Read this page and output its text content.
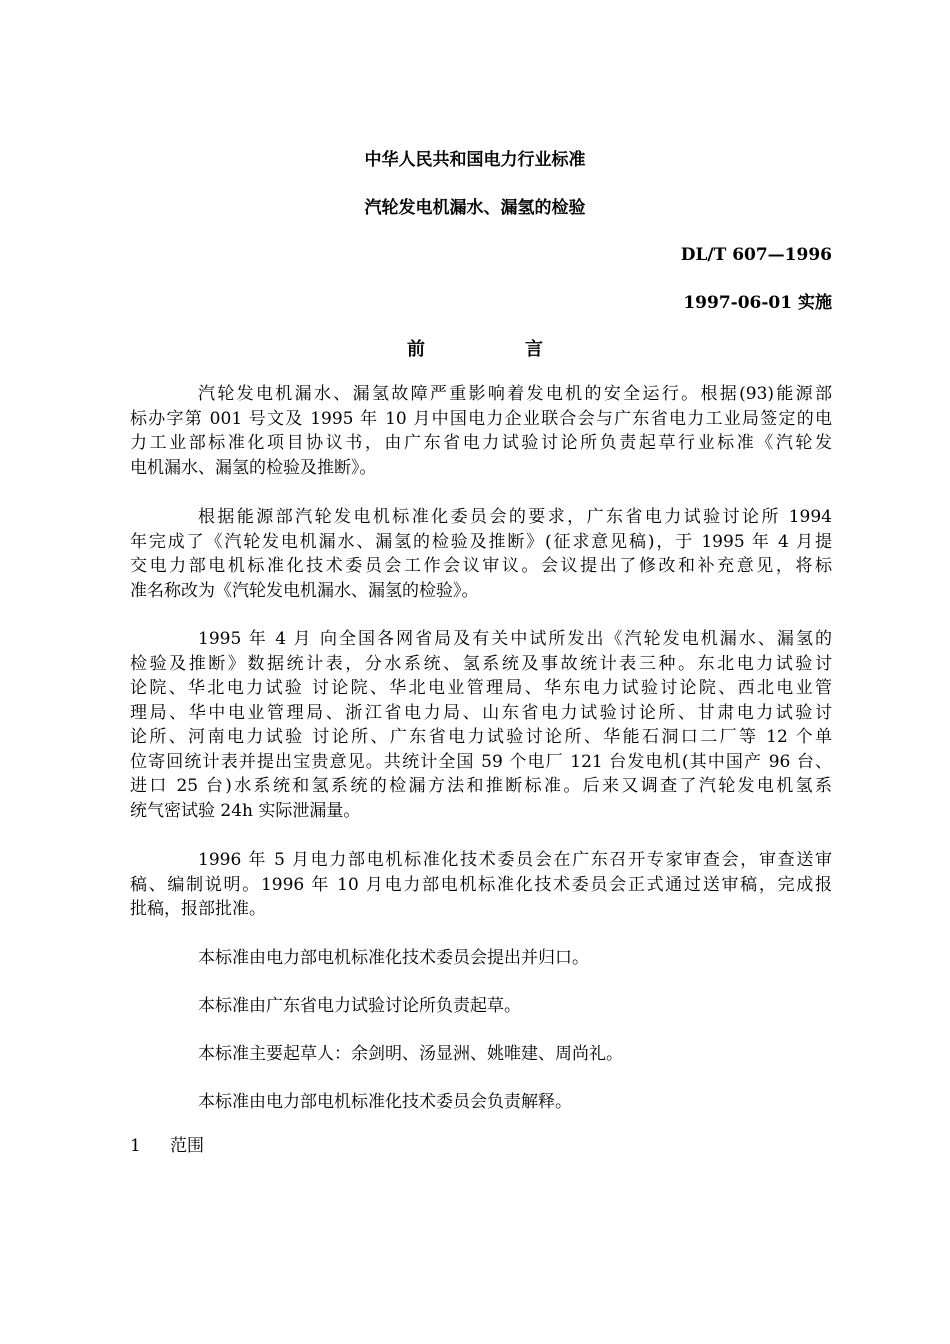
中华人民共和国电力行业标准
汽轮发电机漏水、漏氢的检验
DL/T 607—1996
1997-06-01 实施
前言
汽轮发电机漏水、漏氢故障严重影响着发电机的安全运行。根据(93)能源部
标办字第 001 号文及 1995 年 10 月中国电力企业联合会与广东省电力工业局签定的电
力工业部标准化项目协议书，由广东省电力试验讨论所负责起草行业标准《汽轮发
电机漏水、漏氢的检验及推断》。
根据能源部汽轮发电机标准化委员会的要求，广东省电力试验讨论所 1994
年完成了《汽轮发电机漏水、漏氢的检验及推断》(征求意见稿)，于 1995 年 4 月提
交电力部电机标准化技术委员会工作会议审议。会议提出了修改和补充意见，将标
准名称改为《汽轮发电机漏水、漏氢的检验》。
1995 年 4 月 向全国各网省局及有关中试所发出《汽轮发电机漏水、漏氢的
检验及推断》数据统计表，分水系统、氢系统及事故统计表三种。东北电力试验讨
论院、华北电力试验 讨论院、华北电业管理局、华东电力试验讨论院、西北电业管
理局、华中电业管理局、浙江省电力局、山东省电力试验讨论所、甘肃电力试验讨
论所、河南电力试验 讨论所、广东省电力试验讨论所、华能石洞口二厂等 12 个单
位寄回统计表并提出宝贵意见。共统计全国 59 个电厂 121 台发电机(其中国产 96 台、
进口 25 台)水系统和氢系统的检漏方法和推断标准。后来又调查了汽轮发电机氢系
统气密试验 24h 实际泄漏量。
1996 年 5 月电力部电机标准化技术委员会在广东召开专家审查会，审查送审
稿、编制说明。1996 年 10 月电力部电机标准化技术委员会正式通过送审稿，完成报
批稿，报部批准。
本标准由电力部电机标准化技术委员会提出并归口。
本标准由广东省电力试验讨论所负责起草。
本标准主要起草人：余剑明、汤显洲、姚唯建、周尚礼。
本标准由电力部电机标准化技术委员会负责解释。
1 范围
